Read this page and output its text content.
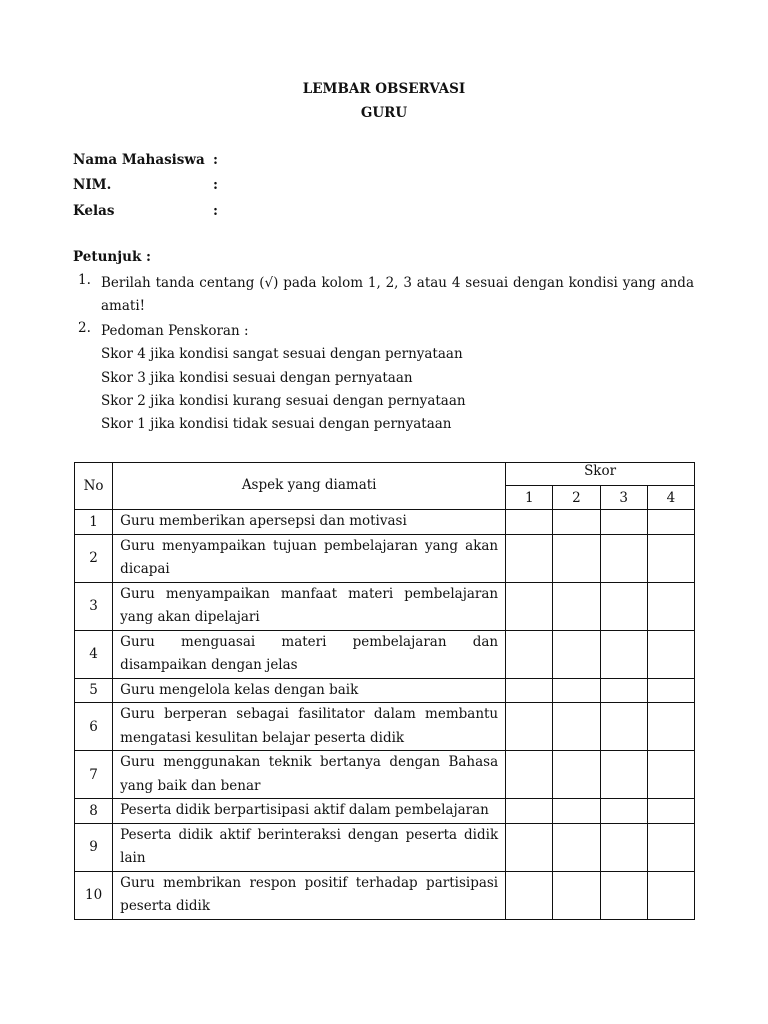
LEMBAR OBSERVASI
GURU
Nama Mahasiswa :
NIM.	:
Kelas	:
Petunjuk :
1. Berilah tanda centang (√) pada kolom 1, 2, 3 atau 4 sesuai dengan kondisi yang anda amati!
2. Pedoman Penskoran :
Skor 4 jika kondisi sangat sesuai dengan pernyataan
Skor 3 jika kondisi sesuai dengan pernyataan
Skor 2 jika kondisi kurang sesuai dengan pernyataan
Skor 1 jika kondisi tidak sesuai dengan pernyataan
No	Aspek yang diamati	Skor			
		1	2	3	4
1	Guru memberikan apersepsi dan motivasi				
2	Guru menyampaikan tujuan pembelajaran yang akan dicapai				
3	Guru menyampaikan manfaat materi pembelajaran yang akan dipelajari				
4	Guru menguasai materi pembelajaran dan disampaikan dengan jelas				
5	Guru mengelola kelas dengan baik				
6	Guru berperan sebagai fasilitator dalam membantu mengatasi kesulitan belajar peserta didik				
7	Guru menggunakan teknik bertanya dengan Bahasa yang baik dan benar				
8	Peserta didik berpartisipasi aktif dalam pembelajaran				
9	Peserta didik aktif berinteraksi dengan peserta didik lain				
10	Guru membrikan respon positif terhadap partisipasi peserta didik				
